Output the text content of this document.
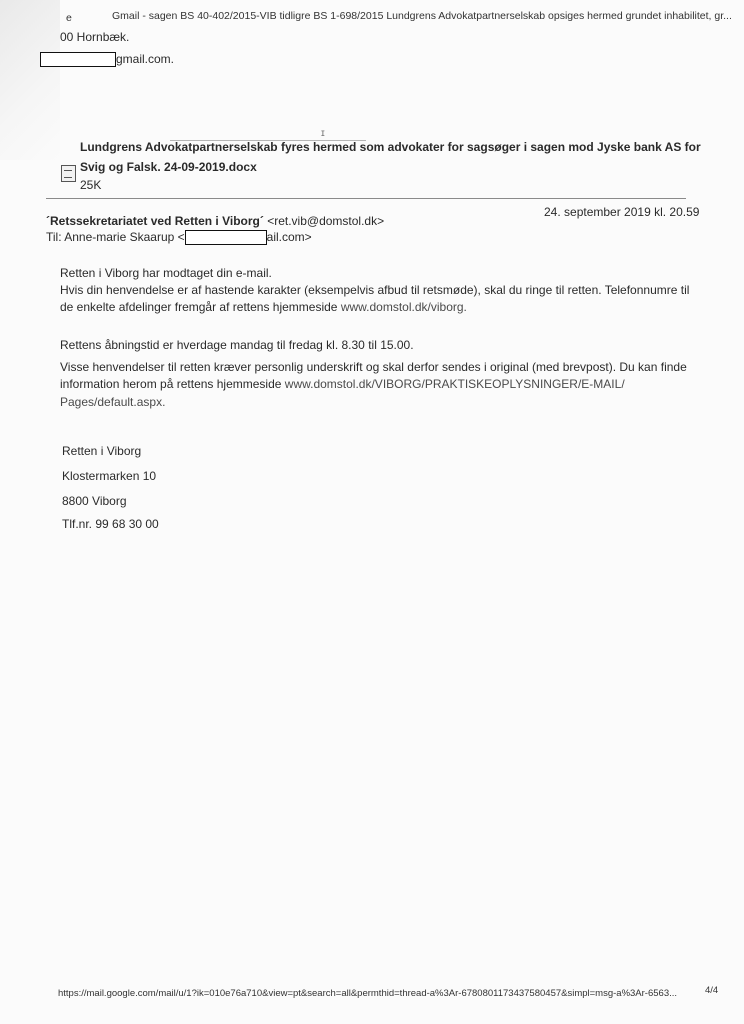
e	Gmail - sagen BS 40-402/2015-VIB tidligre BS 1-698/2015 Lundgrens Advokatpartnerselskab opsiges hermed grundet inhabilitet, gr...
00 Hornbæk.
gmail.com.
ɪ
Lundgrens Advokatpartnerselskab fyres hermed som advokater for sagsøger i sagen mod Jyske bank AS for
Svig og Falsk. 24-09-2019.docx
25K
´Retssekretariatet ved Retten i Viborg´ <ret.vib@domstol.dk>
24. september 2019 kl. 20.59
Til: Anne-marie Skaarup <	ail.com>
Retten i Viborg har modtaget din e-mail.
Hvis din henvendelse er af hastende karakter (eksempelvis afbud til retsmøde), skal du ringe til retten. Telefonnumre til
de enkelte afdelinger fremgår af rettens hjemmeside www.domstol.dk/viborg.
Rettens åbningstid er hverdage mandag til fredag kl. 8.30 til 15.00.
Visse henvendelser til retten kræver personlig underskrift og skal derfor sendes i original (med brevpost). Du kan finde
information herom på rettens hjemmeside www.domstol.dk/VIBORG/PRAKTISKEOPLYSNINGER/E-MAIL/
Pages/default.aspx.
Retten i Viborg
Klostermarken 10
8800 Viborg
Tlf.nr. 99 68 30 00
https://mail.google.com/mail/u/1?ik=010e76a710&view=pt&search=all&permthid=thread-a%3Ar-6780801173437580457&simpl=msg-a%3Ar-6563...	4/4
